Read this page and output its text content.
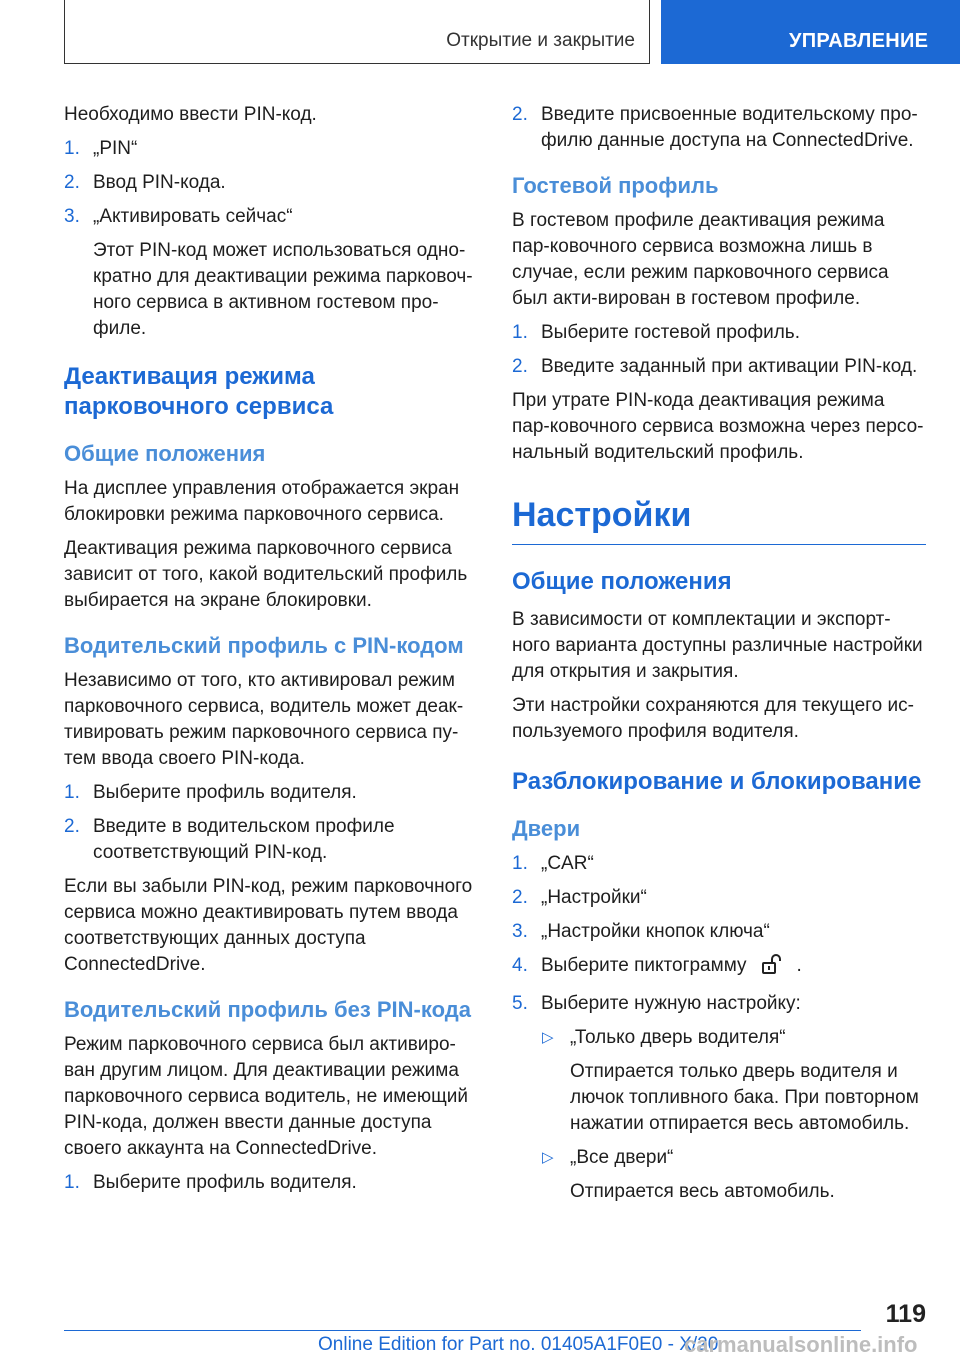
Открытие и закрытие	УПРАВЛЕНИЕ

Необходимо ввести PIN-код.

1. „PIN“
2. Ввод PIN-кода.
3. „Активировать сейчас“
Этот PIN-код может использоваться одно-кратно для деактивации режима парковоч-ного сервиса в активном гостевом про-филе.
Деактивация режима парковочного сервиса
Общие положения

На дисплее управления отображается экран блокировки режима парковочного сервиса.

Деактивация режима парковочного сервиса зависит от того, какой водительский профиль выбирается на экране блокировки.

Водительский профиль с PIN-кодом

Независимо от того, кто активировал режим парковочного сервиса, водитель может деак-тивировать режим парковочного сервиса пу-тем ввода своего PIN-кода.

1. Выберите профиль водителя.
2. Введите в водительском профиле соответствующий PIN-код.

Если вы забыли PIN-код, режим парковочного сервиса можно деактивировать путем ввода соответствующих данных доступа ConnectedDrive.

Водительский профиль без PIN-кода

Режим парковочного сервиса был активиро-ван другим лицом. Для деактивации режима парковочного сервиса водитель, не имеющий PIN-кода, должен ввести данные доступа своего аккаунта на ConnectedDrive.

1. Выберите профиль водителя.
2. Введите присвоенные водительскому про-филю данные доступа на ConnectedDrive.
Гостевой профиль

В гостевом профиле деактивация режима пар-ковочного сервиса возможна лишь в случае, если режим парковочного сервиса был акти-вирован в гостевом профиле.

1. Выберите гостевой профиль.
2. Введите заданный при активации PIN-код.

При утрате PIN-кода деактивация режима пар-ковочного сервиса возможна через персо-нальный водительский профиль.

Настройки
Общие положения

В зависимости от комплектации и экспорт-ного варианта доступны различные настройки для открытия и закрытия.

Эти настройки сохраняются для текущего ис-пользуемого профиля водителя.

Разблокирование и блокирование
Двери
1. „CAR“
2. „Настройки“
3. „Настройки кнопок ключа“
4. Выберите пиктограмму	.
5. Выберите нужную настройку:
▷ „Только дверь водителя“
Отпирается только дверь водителя и лючок топливного бака. При повторном нажатии отпирается весь автомобиль.
▷ „Все двери“
Отпирается весь автомобиль.
119
Online Edition for Part no. 01405A1F0E0 - X/20
carmanualsonline.info
